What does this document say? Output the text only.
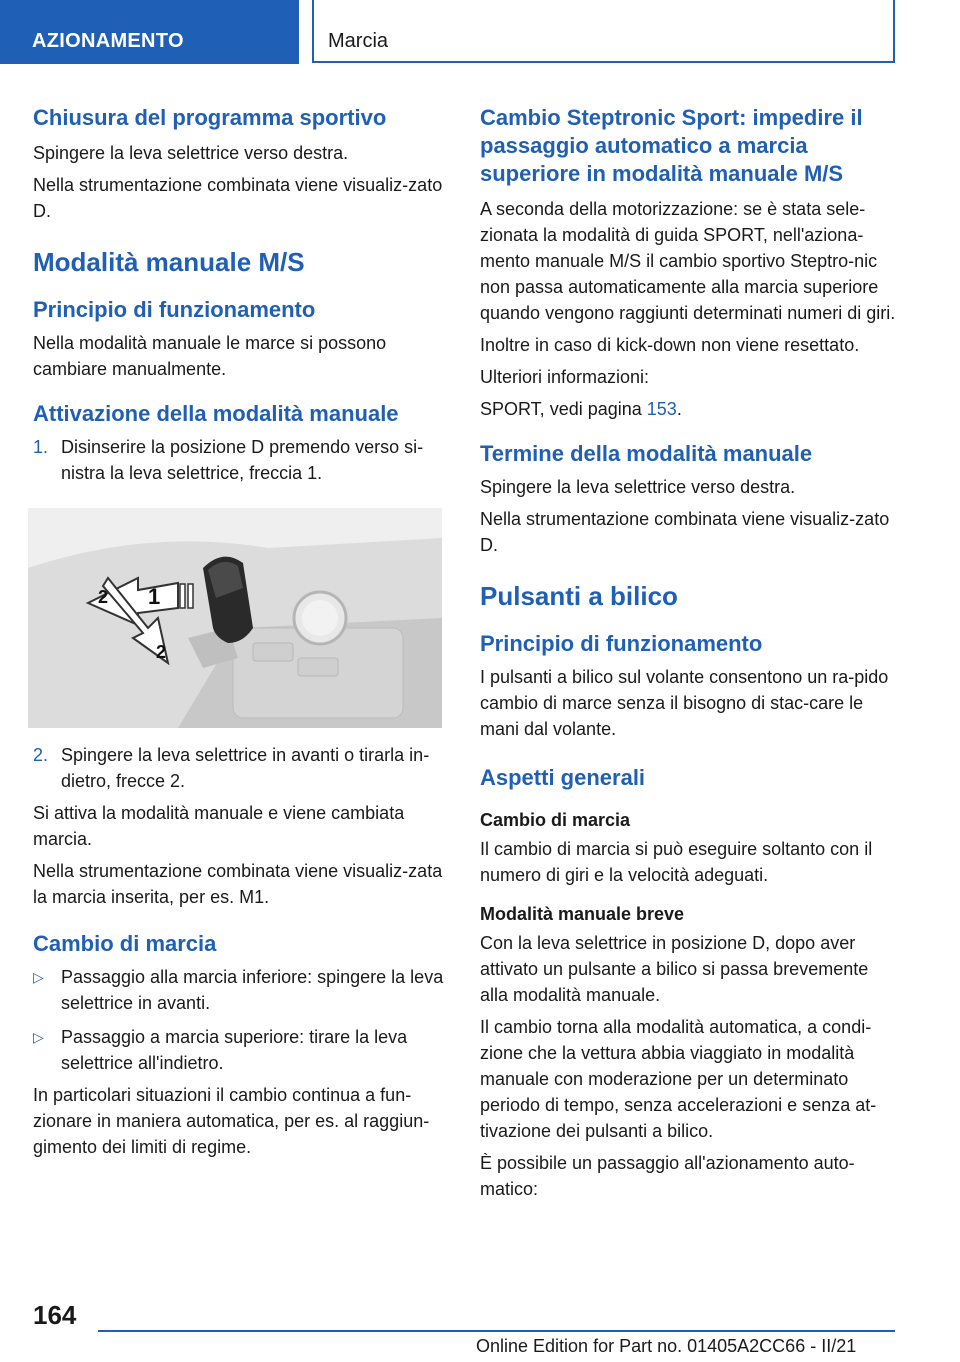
AZIONAMENTO	Marcia
Chiusura del programma sportivo
Spingere la leva selettrice verso destra.
Nella strumentazione combinata viene visualiz-zato D.
Modalità manuale M/S
Principio di funzionamento
Nella modalità manuale le marce si possono cambiare manualmente.
Attivazione della modalità manuale
1. Disinserire la posizione D premendo verso si-nistra la leva selettrice, freccia 1.
1
2
2
2. Spingere la leva selettrice in avanti o tirarla in-dietro, frecce 2.
Si attiva la modalità manuale e viene cambiata marcia.
Nella strumentazione combinata viene visualiz-zata la marcia inserita, per es. M1.
Cambio di marcia
▷ Passaggio alla marcia inferiore: spingere la leva selettrice in avanti.
▷ Passaggio a marcia superiore: tirare la leva selettrice all'indietro.
In particolari situazioni il cambio continua a fun-zionare in maniera automatica, per es. al raggiun-gimento dei limiti di regime.
Cambio Steptronic Sport: impedire il passaggio automatico a marcia superiore in modalità manuale M/S
A seconda della motorizzazione: se è stata sele-zionata la modalità di guida SPORT, nell'aziona-mento manuale M/S il cambio sportivo Steptro-nic non passa automaticamente alla marcia superiore quando vengono raggiunti determinati numeri di giri.
Inoltre in caso di kick-down non viene resettato.
Ulteriori informazioni:
SPORT, vedi pagina 153.
Termine della modalità manuale
Spingere la leva selettrice verso destra.
Nella strumentazione combinata viene visualiz-zato D.
Pulsanti a bilico
Principio di funzionamento
I pulsanti a bilico sul volante consentono un ra-pido cambio di marce senza il bisogno di stac-care le mani dal volante.
Aspetti generali
Cambio di marcia
Il cambio di marcia si può eseguire soltanto con il numero di giri e la velocità adeguati.
Modalità manuale breve
Con la leva selettrice in posizione D, dopo aver attivato un pulsante a bilico si passa brevemente alla modalità manuale.
Il cambio torna alla modalità automatica, a condi-zione che la vettura abbia viaggiato in modalità manuale con moderazione per un determinato periodo di tempo, senza accelerazioni e senza at-tivazione dei pulsanti a bilico.
È possibile un passaggio all'azionamento auto-matico:
164
Online Edition for Part no. 01405A2CC66 - II/21
